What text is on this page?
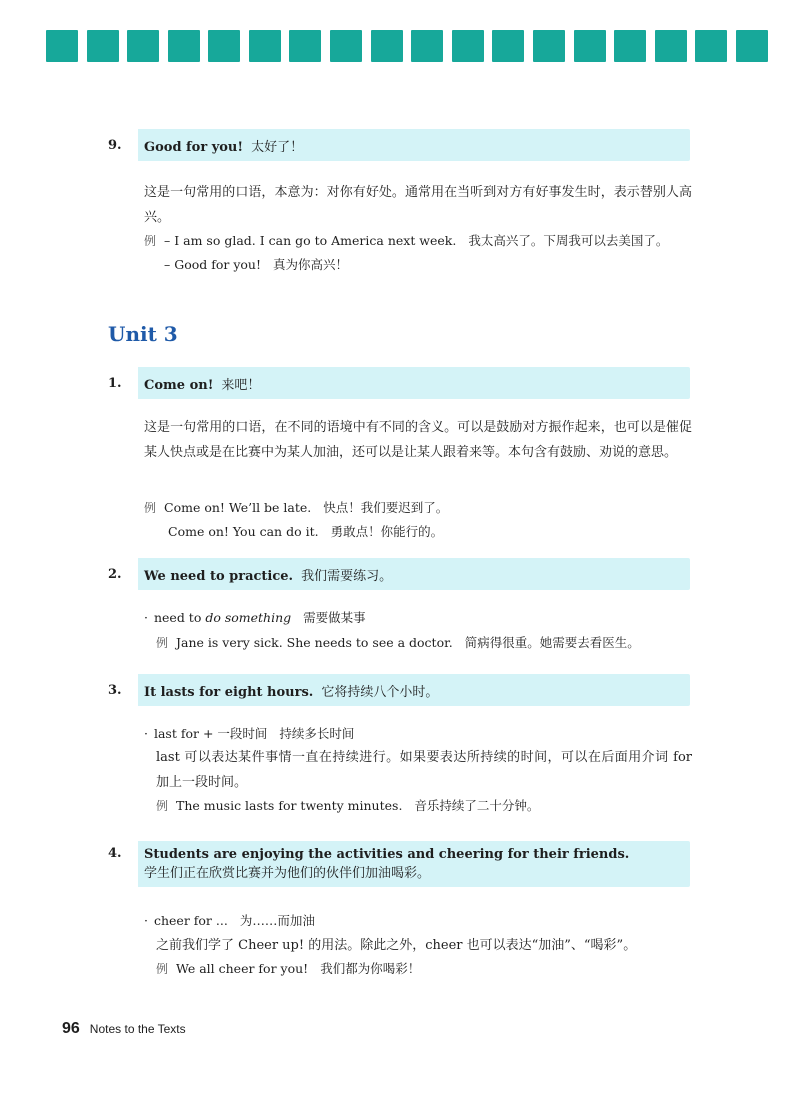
9.	Good for you! 太好了！
这是一句常用的口语，本意为：对你有好处。通常用在当听到对方有好事发生时，表示替别人高兴。
例 – I am so glad. I can go to America next week. 我太高兴了。下周我可以去美国了。
– Good for you! 真为你高兴！
Unit 3
1.	Come on! 来吧！
这是一句常用的口语，在不同的语境中有不同的含义。可以是鼓励对方振作起来，也可以是催促某人快点或是在比赛中为某人加油，还可以是让某人跟着来等。本句含有鼓励、劝说的意思。
例 Come on! We’ll be late. 快点！我们要迟到了。
Come on! You can do it. 勇敢点！你能行的。
2.	We need to practice. 我们需要练习。
· need to do something 需要做某事
例 Jane is very sick. She needs to see a doctor. 简病得很重。她需要去看医生。
3.	It lasts for eight hours. 它将持续八个小时。
· last for + 一段时间 持续多长时间
last 可以表达某件事情一直在持续进行。如果要表达所持续的时间，可以在后面用介词 for 加上一段时间。
例 The music lasts for twenty minutes. 音乐持续了二十分钟。
4.	Students are enjoying the activities and cheering for their friends.
学生们正在欣赏比赛并为他们的伙伴们加油喝彩。
· cheer for ... 为……而加油
之前我们学了 Cheer up! 的用法。除此之外，cheer 也可以表达“加油”、“喝彩”。
例 We all cheer for you! 我们都为你喝彩！
96 Notes to the Texts
